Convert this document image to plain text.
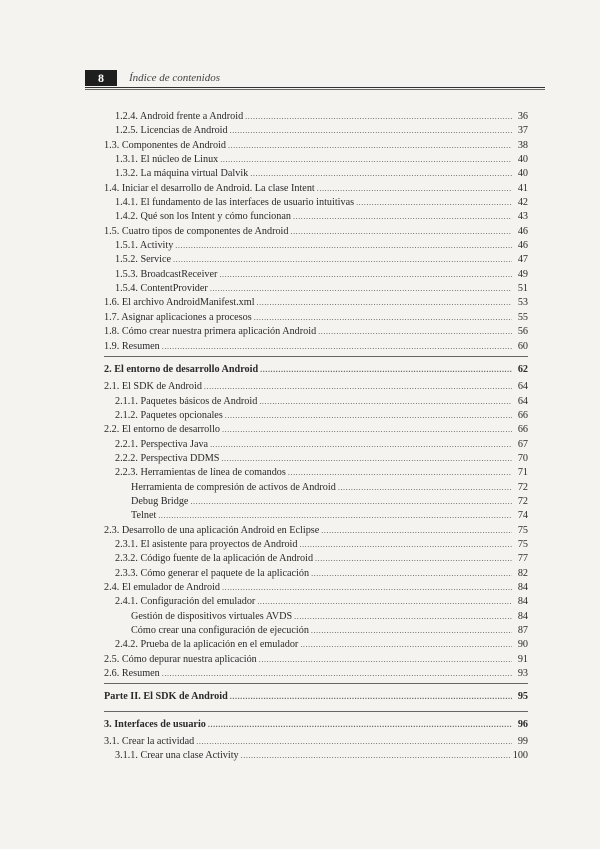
8	Índice de contenidos
1.2.4. Android frente a Android .....	36
1.2.5. Licencias de Android .....	37
1.3. Componentes de Android .....	38
1.3.1. El núcleo de Linux .....	40
1.3.2. La máquina virtual Dalvik .....	40
1.4. Iniciar el desarrollo de Android. La clase Intent .....	41
1.4.1. El fundamento de las interfaces de usuario intuitivas .....	42
1.4.2. Qué son los Intent y cómo funcionan .....	43
1.5. Cuatro tipos de componentes de Android .....	46
1.5.1. Activity .....	46
1.5.2. Service .....	47
1.5.3. BroadcastReceiver .....	49
1.5.4. ContentProvider .....	51
1.6. El archivo AndroidManifest.xml .....	53
1.7. Asignar aplicaciones a procesos .....	55
1.8. Cómo crear nuestra primera aplicación Android .....	56
1.9. Resumen .....	60
2. El entorno de desarrollo Android .....	62
2.1. El SDK de Android .....	64
2.1.1. Paquetes básicos de Android .....	64
2.1.2. Paquetes opcionales .....	66
2.2. El entorno de desarrollo .....	66
2.2.1. Perspectiva Java .....	67
2.2.2. Perspectiva DDMS .....	70
2.2.3. Herramientas de línea de comandos .....	71
Herramienta de compresión de activos de Android .....	72
Debug Bridge .....	72
Telnet .....	74
2.3. Desarrollo de una aplicación Android en Eclipse .....	75
2.3.1. El asistente para proyectos de Android .....	75
2.3.2. Código fuente de la aplicación de Android .....	77
2.3.3. Cómo generar el paquete de la aplicación .....	82
2.4. El emulador de Android .....	84
2.4.1. Configuración del emulador .....	84
Gestión de dispositivos virtuales AVDS .....	84
Cómo crear una configuración de ejecución .....	87
2.4.2. Prueba de la aplicación en el emulador .....	90
2.5. Cómo depurar nuestra aplicación .....	91
2.6. Resumen .....	93
Parte II. El SDK de Android .....	95
3. Interfaces de usuario .....	96
3.1. Crear la actividad .....	99
3.1.1. Crear una clase Activity .....	100
